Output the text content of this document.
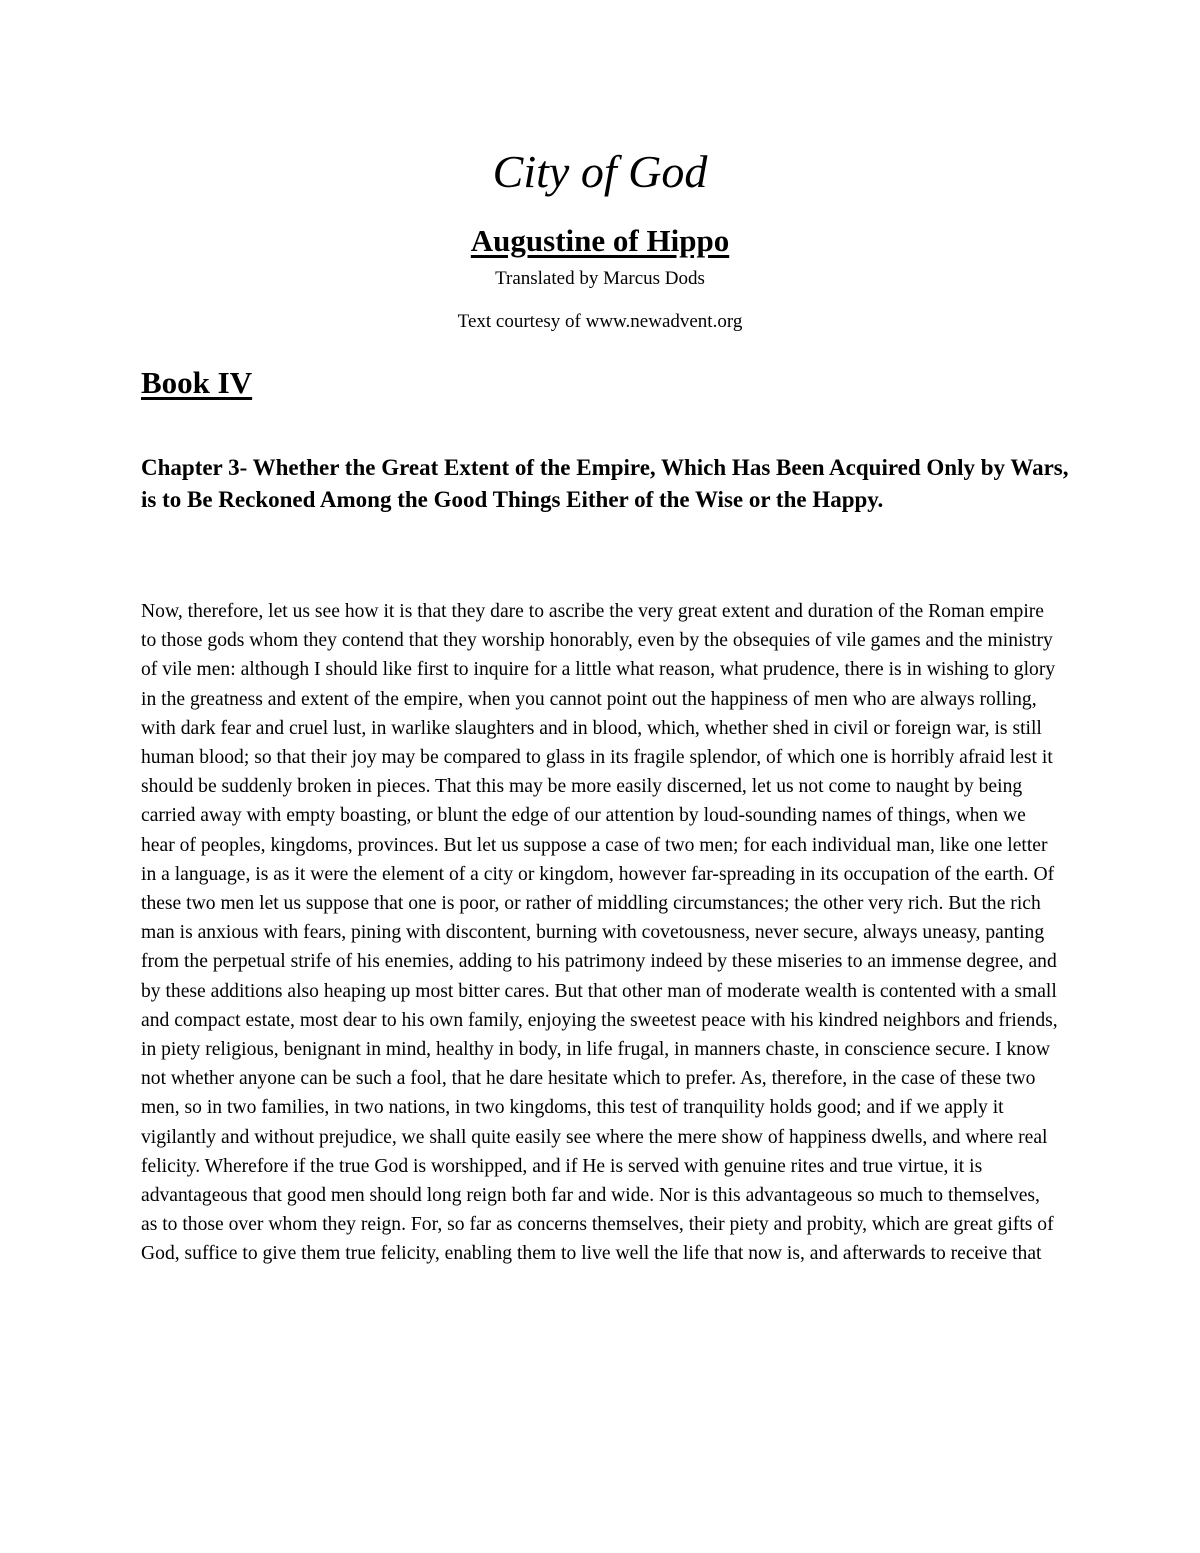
City of God
Augustine of Hippo

Translated by Marcus Dods

Text courtesy of www.newadvent.org

Book IV
Chapter 3- Whether the Great Extent of the Empire, Which Has Been Acquired Only by Wars, is to Be Reckoned Among the Good Things Either of the Wise or the Happy.

Now, therefore, let us see how it is that they dare to ascribe the very great extent and duration of the Roman empire to those gods whom they contend that they worship honorably, even by the obsequies of vile games and the ministry of vile men: although I should like first to inquire for a little what reason, what prudence, there is in wishing to glory in the greatness and extent of the empire, when you cannot point out the happiness of men who are always rolling, with dark fear and cruel lust, in warlike slaughters and in blood, which, whether shed in civil or foreign war, is still human blood; so that their joy may be compared to glass in its fragile splendor, of which one is horribly afraid lest it should be suddenly broken in pieces. That this may be more easily discerned, let us not come to naught by being carried away with empty boasting, or blunt the edge of our attention by loud-sounding names of things, when we hear of peoples, kingdoms, provinces. But let us suppose a case of two men; for each individual man, like one letter in a language, is as it were the element of a city or kingdom, however far-spreading in its occupation of the earth. Of these two men let us suppose that one is poor, or rather of middling circumstances; the other very rich. But the rich man is anxious with fears, pining with discontent, burning with covetousness, never secure, always uneasy, panting from the perpetual strife of his enemies, adding to his patrimony indeed by these miseries to an immense degree, and by these additions also heaping up most bitter cares. But that other man of moderate wealth is contented with a small and compact estate, most dear to his own family, enjoying the sweetest peace with his kindred neighbors and friends, in piety religious, benignant in mind, healthy in body, in life frugal, in manners chaste, in conscience secure. I know not whether anyone can be such a fool, that he dare hesitate which to prefer. As, therefore, in the case of these two men, so in two families, in two nations, in two kingdoms, this test of tranquility holds good; and if we apply it vigilantly and without prejudice, we shall quite easily see where the mere show of happiness dwells, and where real felicity. Wherefore if the true God is worshipped, and if He is served with genuine rites and true virtue, it is advantageous that good men should long reign both far and wide. Nor is this advantageous so much to themselves, as to those over whom they reign. For, so far as concerns themselves, their piety and probity, which are great gifts of God, suffice to give them true felicity, enabling them to live well the life that now is, and afterwards to receive that
